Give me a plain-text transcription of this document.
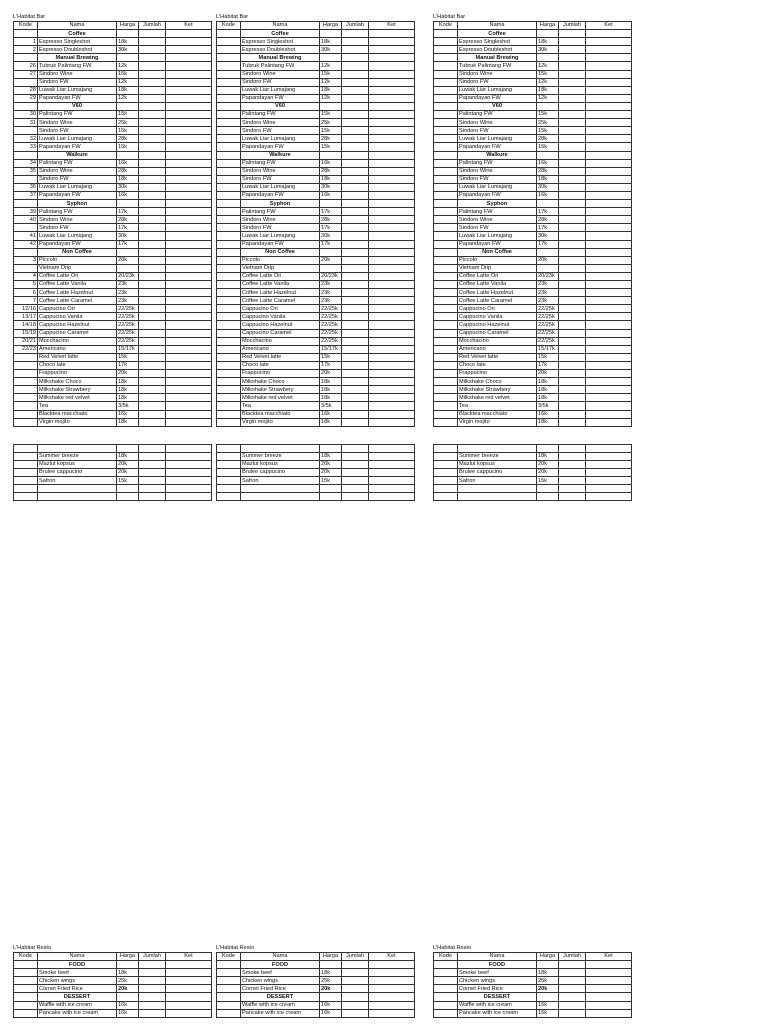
L'Habitat Bar
Kode	Nama	Harga	Jumlah	Ket
	Coffee			
1	Espresso Singleshot	18k		
2	Espresso Doubleshot	30k		
	Manual Brewing			
26	Tubruk Palintang FW	12k		
27	Sindoro Wine	15k		
	Sindoro FW	12k		
28	Luwak Liar Lumajang	18k		
29	Papandayan FW	12k		
	V60			
30	Palintang FW	15k		
31	Sindoro Wine	25k		
	Sindoro FW	15k		
32	Luwak Liar Lumajang	28k		
33	Papandayan FW	15k		
	Walkure			
34	Palintang FW	16k		
35	Sindoro Wine	28k		
	Sindoro FW	18k		
36	Luwak Liar Lumajang	30k		
37	Papandayan FW	16k		
	Syphon			
39	Palintang FW	17k		
40	Sindoro Wine	28k		
	Sindoro FW	17k		
41	Luwak Liar Lumajang	30k		
42	Papandayan FW	17k		
	Non Coffee			
3	Piccolo	20k		
	Vietnam Drip			
4	Coffee Latte Ori	20/23k		
5	Coffee Latte Vanila	23k		
6	Coffee Latte Hazelnut	23k		
7	Coffee Latte Caramel	23k		
12/16	Cappucino Ori	22/25k		
13/17	Cappucino Vanila	22/25k		
14/18	Cappucino Hazelnut	22/25k		
15/19	Cappucino Caramel	22/25k		
20/21	Mocchacino	22/25k		
22/23	Americano	15/17k		
	Red Velvet latte	15k		
	Choco late	17k		
	Frappucino	20k		
	Milkshake Choco	18k		
	Milkshake Strawbery	18k		
	Milkshake red velvet	18k		
	Tea	3/5k		
	Blacktea macchiato	16k		
	Virgin mojito	18k		

	Summer breeze	18k		
	Mazlut kopsus	20k		
	Brulee cappucino	20k		
	Safron	15k		

L'Habitat Bar
Kode	Nama	Harga	Jumlah	Ket
	Coffee			
	Espresso Singleshot	18k		
	Espresso Doubleshot	30k		
	Manual Brewing			
	Tubruk Palintang FW	12k		
	Sindoro Wine	15k		
	Sindoro FW	12k		
	Luwak Liar Lumajang	18k		
	Papandayan FW	12k		
	V60			
	Palintang FW	15k		
	Sindoro Wine	25k		
	Sindoro FW	15k		
	Luwak Liar Lumajang	28k		
	Papandayan FW	15k		
	Walkure			
	Palintang FW	16k		
	Sindoro Wine	28k		
	Sindoro FW	18k		
	Luwak Liar Lumajang	30k		
	Papandayan FW	16k		
	Syphon			
	Palintang FW	17k		
	Sindoro Wine	28k		
	Sindoro FW	17k		
	Luwak Liar Lumajang	30k		
	Papandayan FW	17k		
	Non Coffee			
	Piccolo	20k		
	Vietnam Drip			
	Coffee Latte Ori	20/23k		
	Coffee Latte Vanila	23k		
	Coffee Latte Hazelnut	23k		
	Coffee Latte Caramel	23k		
	Cappucino Ori	22/25k		
	Cappucino Vanila	22/25k		
	Cappucino Hazelnut	22/25k		
	Cappucino Caramel	22/25k		
	Mocchacino	22/25k		
	Americano	15/17k		
	Red Velvet latte	15k		
	Choco late	17k		
	Frappucino	20k		
	Milkshake Choco	18k		
	Milkshake Strawbery	18k		
	Milkshake red velvet	18k		
	Tea	3/5k		
	Blacktea macchiato	16k		
	Virgin mojito	18k		

	Summer breeze	18k		
	Mazlut kopsus	20k		
	Brulee cappucino	20k		
	Safron	15k		

L'Habitat Bar
Kode	Nama	Harga	Jumlah	Ket
	Coffee			
	Espresso Singleshot	18k		
	Espresso Doubleshot	30k		
	Manual Brewing			
	Tubruk Palintang FW	12k		
	Sindoro Wine	15k		
	Sindoro FW	12k		
	Luwak Liar Lumajang	18k		
	Papandayan FW	12k		
	V60			
	Palintang FW	15k		
	Sindoro Wine	25k		
	Sindoro FW	15k		
	Luwak Liar Lumajang	28k		
	Papandayan FW	15k		
	Walkure			
	Palintang FW	16k		
	Sindoro Wine	28k		
	Sindoro FW	18k		
	Luwak Liar Lumajang	30k		
	Papandayan FW	16k		
	Syphon			
	Palintang FW	17k		
	Sindoro Wine	28k		
	Sindoro FW	17k		
	Luwak Liar Lumajang	30k		
	Papandayan FW	17k		
	Non Coffee			
	Piccolo	20k		
	Vietnam Drip			
	Coffee Latte Ori	20/23k		
	Coffee Latte Vanila	23k		
	Coffee Latte Hazelnut	23k		
	Coffee Latte Caramel	23k		
	Cappucino Ori	22/25k		
	Cappucino Vanila	22/25k		
	Cappucino Hazelnut	22/25k		
	Cappucino Caramel	22/25k		
	Mocchacino	22/25k		
	Americano	15/17k		
	Red Velvet latte	15k		
	Choco late	17k		
	Frappucino	20k		
	Milkshake Choco	18k		
	Milkshake Strawbery	18k		
	Milkshake red velvet	18k		
	Tea	3/5k		
	Blacktea macchiato	16k		
	Virgin mojito	18k		

	Summer breeze	18k		
	Mazlut kopsus	20k		
	Brulee cappucino	20k		
	Safron	15k		

L'Habitat Resto
Kode	Nama	Harga	Jumlah	Ket
	FOOD			
	Smoke beef	18k		
	Chicken wings	25k		
	Cornet Fried Rice	20k		
	DESSERT			
	Waffle with ice cream	16k		
	Pancake with ice cream	16k		
L'Habitat Resto
Kode	Nama	Harga	Jumlah	Ket
	FOOD			
	Smoke beef	18k		
	Chicken wings	25k		
	Cornet Fried Rice	20k		
	DESSERT			
	Waffle with ice cream	16k		
	Pancake with ice cream	16k		
L'Habitat Resto
Kode	Nama	Harga	Jumlah	Ket
	FOOD			
	Smoke beef	18k		
	Chicken wings	25k		
	Cornet Fried Rice	20k		
	DESSERT			
	Waffle with ice cream	16k		
	Pancake with ice cream	16k		
